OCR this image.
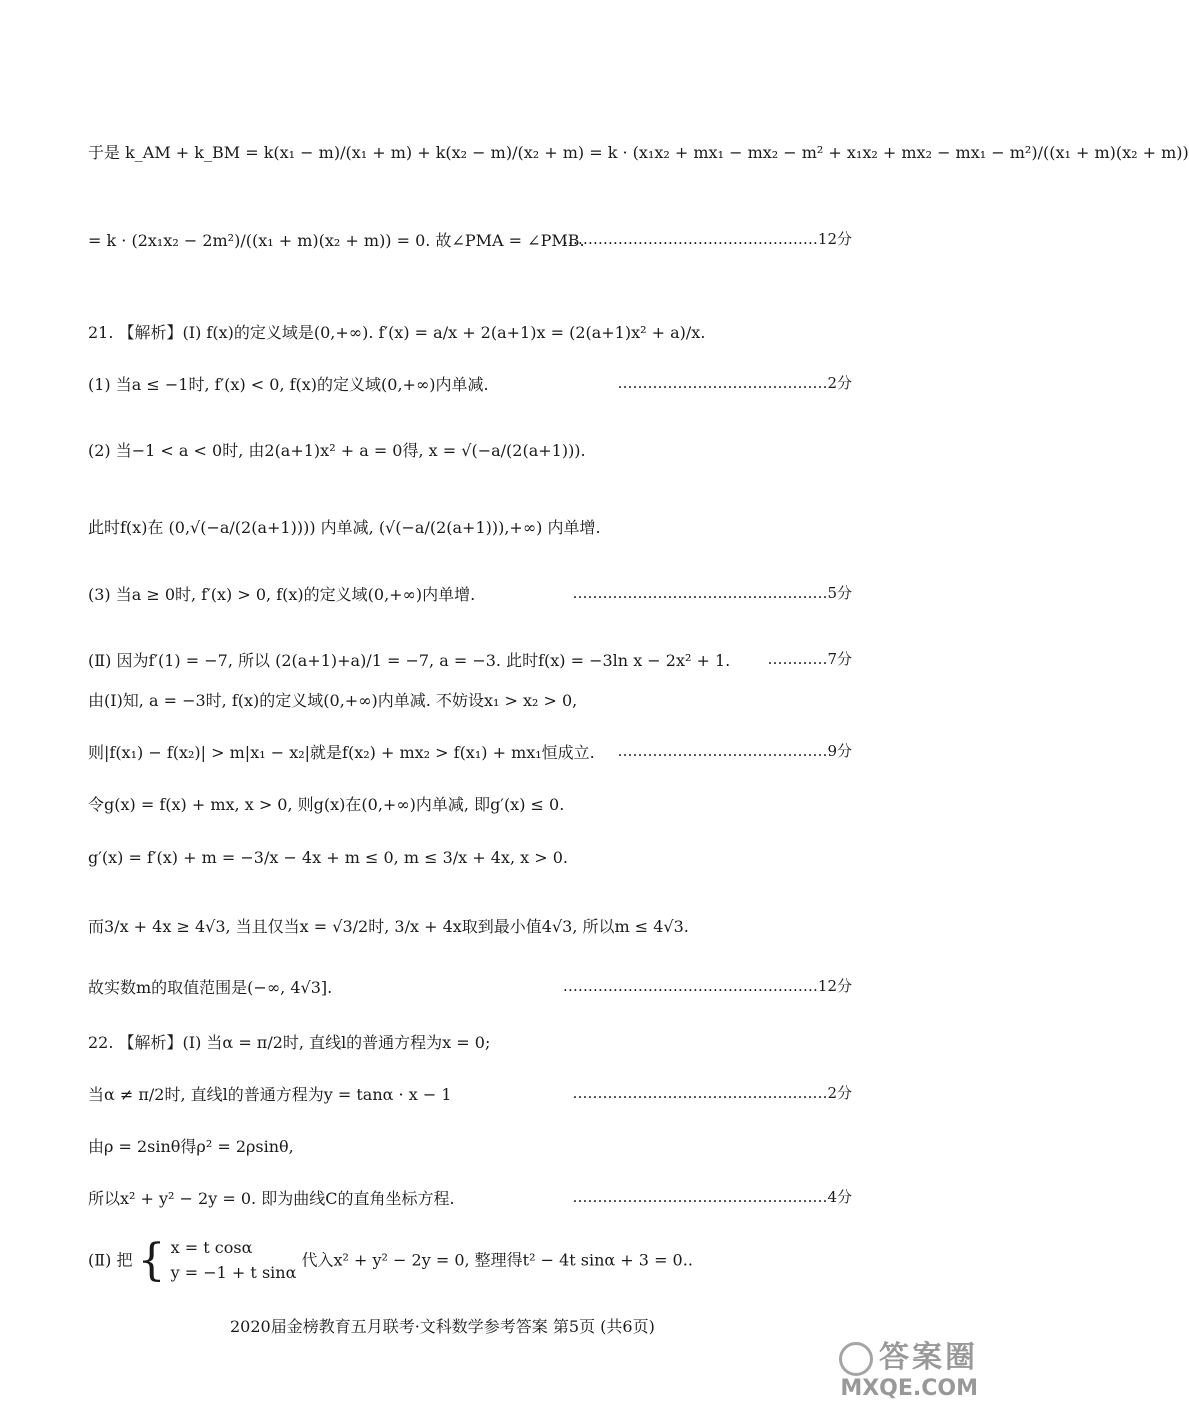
于是 k_AM + k_BM = k(x₁ − m)/(x₁ + m) + k(x₂ − m)/(x₂ + m) = k · (x₁x₂ + mx₁ − mx₂ − m² + x₁x₂ + mx₂ − mx₁ − m²)/((x₁ + m)(x₂ + m))
= k · (2x₁x₂ − 2m²)/((x₁ + m)(x₂ + m)) = 0. 故∠PMA = ∠PMB.
……………………………………………12分
21. 【解析】(Ⅰ) f(x)的定义域是(0,+∞). f′(x) = a/x + 2(a+1)x = (2(a+1)x² + a)/x.
(1) 当a ≤ −1时, f′(x) < 0, f(x)的定义域(0,+∞)内单减.	……………………………………2分
(2) 当−1 < a < 0时, 由2(a+1)x² + a = 0得, x = √(−a/(2(a+1))).
此时f(x)在 (0,√(−a/(2(a+1)))) 内单减, (√(−a/(2(a+1))),+∞) 内单增.
(3) 当a ≥ 0时, f′(x) > 0, f(x)的定义域(0,+∞)内单增.	……………………………………………5分
(Ⅱ) 因为f′(1) = −7, 所以 (2(a+1)+a)/1 = −7, a = −3. 此时f(x) = −3ln x − 2x² + 1. …………7分
由(Ⅰ)知, a = −3时, f(x)的定义域(0,+∞)内单减. 不妨设x₁ > x₂ > 0,
则|f(x₁) − f(x₂)| > m|x₁ − x₂|就是f(x₂) + mx₂ > f(x₁) + mx₁恒成立. ……………………………………9分
令g(x) = f(x) + mx, x > 0, 则g(x)在(0,+∞)内单减, 即g′(x) ≤ 0.
g′(x) = f′(x) + m = −3/x − 4x + m ≤ 0, m ≤ 3/x + 4x, x > 0.
而3/x + 4x ≥ 4√3, 当且仅当x = √3/2时, 3/x + 4x取到最小值4√3, 所以m ≤ 4√3.
故实数m的取值范围是(−∞, 4√3].	……………………………………………12分
22. 【解析】(Ⅰ) 当α = π/2时, 直线l的普通方程为x = 0;
当α ≠ π/2时, 直线l的普通方程为y = tanα · x − 1	……………………………………………2分
由ρ = 2sinθ得ρ² = 2ρsinθ,
所以x² + y² − 2y = 0. 即为曲线C的直角坐标方程.	……………………………………………4分
(Ⅱ) 把 { x = t cosα
y = −1 + t sinα
代入x² + y² − 2y = 0, 整理得t² − 4t sinα + 3 = 0..
2020届金榜教育五月联考·文科数学参考答案 第5页 (共6页)
答案圈
MXQE.COM
